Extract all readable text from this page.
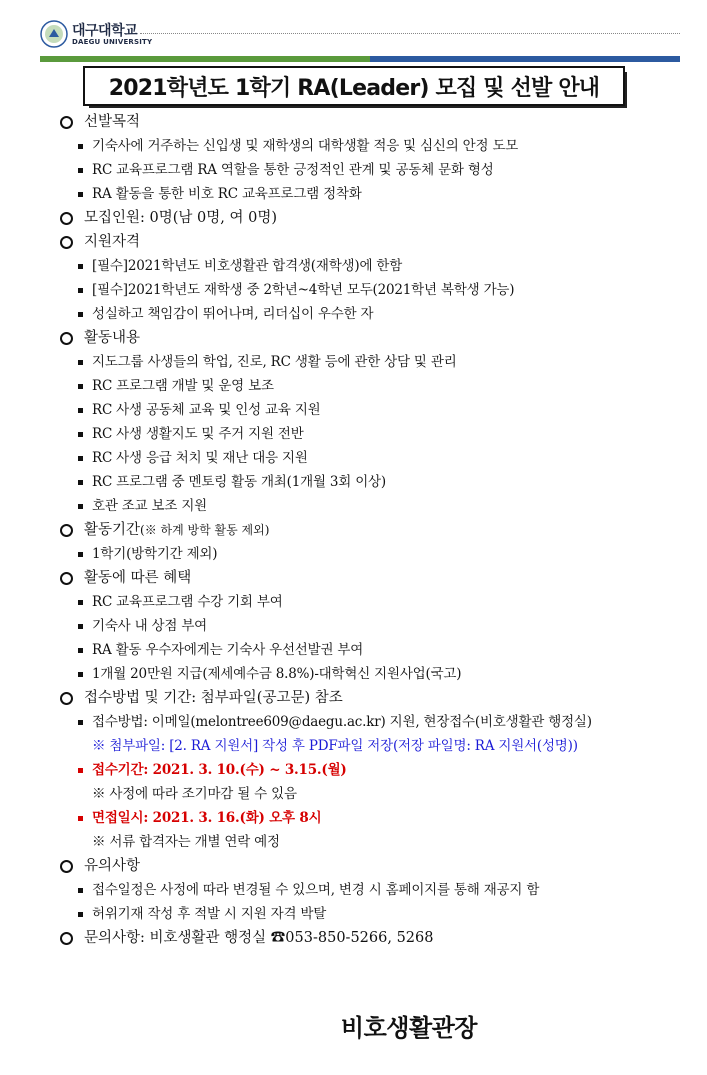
대구대학교
DAEGU UNIVERSITY
2021학년도 1학기 RA(Leader) 모집 및 선발 안내
선발목적
기숙사에 거주하는 신입생 및 재학생의 대학생활 적응 및 심신의 안정 도모
RC 교육프로그램 RA 역할을 통한 긍정적인 관계 및 공동체 문화 형성
RA 활동을 통한 비호 RC 교육프로그램 정착화
모집인원: 0명(남 0명, 여 0명)
지원자격
[필수]2021학년도 비호생활관 합격생(재학생)에 한함
[필수]2021학년도 재학생 중 2학년~4학년 모두(2021학년 복학생 가능)
성실하고 책임감이 뛰어나며, 리더십이 우수한 자
활동내용
지도그룹 사생들의 학업, 진로, RC 생활 등에 관한 상담 및 관리
RC 프로그램 개발 및 운영 보조
RC 사생 공동체 교육 및 인성 교육 지원
RC 사생 생활지도 및 주거 지원 전반
RC 사생 응급 처치 및 재난 대응 지원
RC 프로그램 중 멘토링 활동 개최(1개월 3회 이상)
호관 조교 보조 지원
활동기간(※ 하계 방학 활동 제외)
1학기(방학기간 제외)
활동에 따른 혜택
RC 교육프로그램 수강 기회 부여
기숙사 내 상점 부여
RA 활동 우수자에게는 기숙사 우선선발권 부여
1개월 20만원 지급(제세예수금 8.8%)-대학혁신 지원사업(국고)
접수방법 및 기간: 첨부파일(공고문) 참조
접수방법: 이메일(melontree609@daegu.ac.kr) 지원, 현장접수(비호생활관 행정실)
※ 첨부파일: [2. RA 지원서] 작성 후 PDF파일 저장(저장 파일명: RA 지원서(성명))
접수기간: 2021. 3. 10.(수) ~ 3.15.(월)
※ 사정에 따라 조기마감 될 수 있음
면접일시: 2021. 3. 16.(화) 오후 8시
※ 서류 합격자는 개별 연락 예정
유의사항
접수일정은 사정에 따라 변경될 수 있으며, 변경 시 홈페이지를 통해 재공지 함
허위기재 작성 후 적발 시 지원 자격 박탈
문의사항: 비호생활관 행정실 ☎053-850-5266, 5268
비호생활관장
